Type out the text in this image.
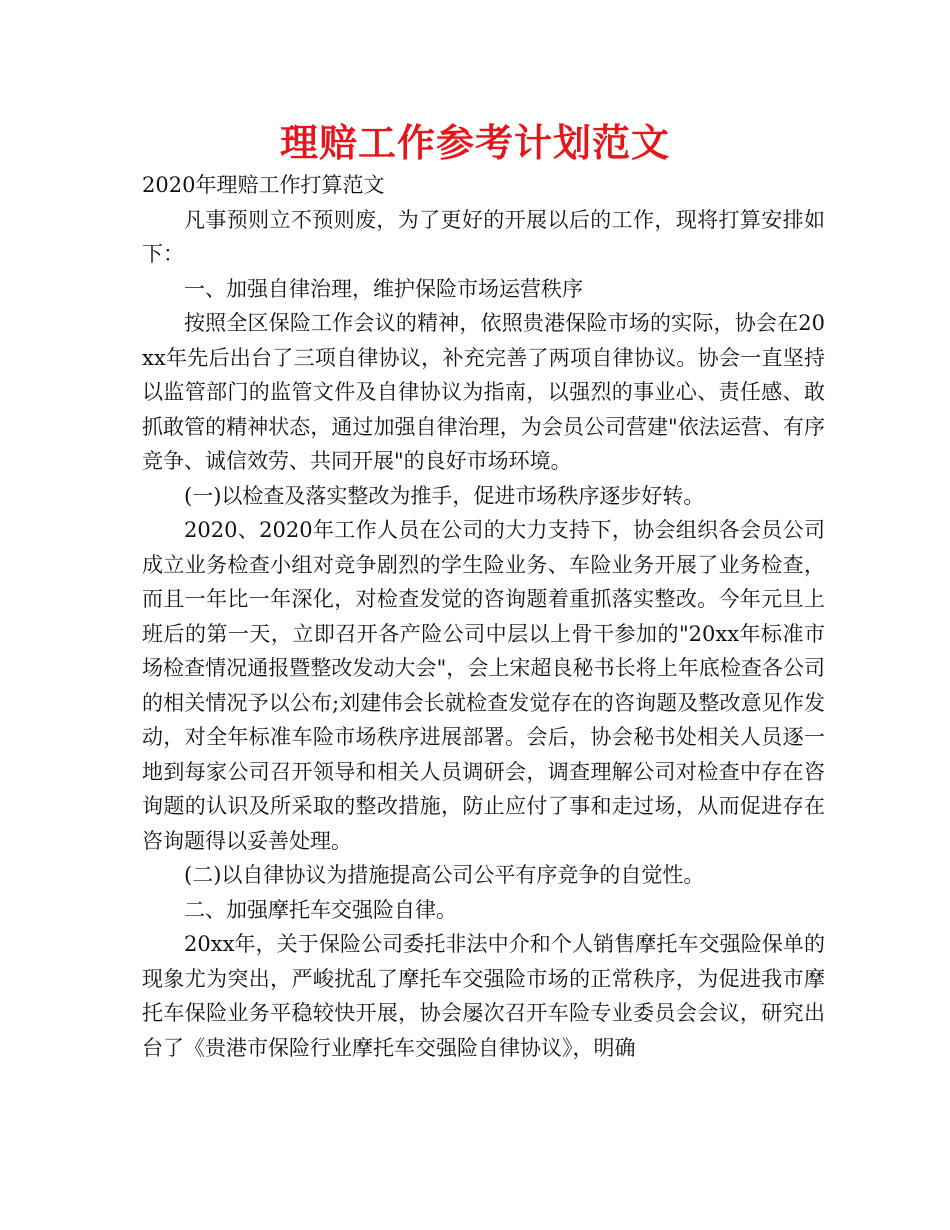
理赔工作参考计划范文

2020年理赔工作打算范文

凡事预则立不预则废，为了更好的开展以后的工作，现将打算安排如下：

一、加强自律治理，维护保险市场运营秩序

按照全区保险工作会议的精神，依照贵港保险市场的实际，协会在20xx年先后出台了三项自律协议，补充完善了两项自律协议。协会一直坚持以监管部门的监管文件及自律协议为指南，以强烈的事业心、责任感、敢抓敢管的精神状态，通过加强自律治理，为会员公司营建"依法运营、有序竞争、诚信效劳、共同开展"的良好市场环境。

(一)以检查及落实整改为推手，促进市场秩序逐步好转。

2020、2020年工作人员在公司的大力支持下，协会组织各会员公司成立业务检查小组对竞争剧烈的学生险业务、车险业务开展了业务检查，而且一年比一年深化，对检查发觉的咨询题着重抓落实整改。今年元旦上班后的第一天，立即召开各产险公司中层以上骨干参加的"20xx年标准市场检查情况通报暨整改发动大会"，会上宋超良秘书长将上年底检查各公司的相关情况予以公布;刘建伟会长就检查发觉存在的咨询题及整改意见作发动，对全年标准车险市场秩序进展部署。会后，协会秘书处相关人员逐一地到每家公司召开领导和相关人员调研会，调查理解公司对检查中存在咨询题的认识及所采取的整改措施，防止应付了事和走过场，从而促进存在咨询题得以妥善处理。

(二)以自律协议为措施提高公司公平有序竞争的自觉性。

二、加强摩托车交强险自律。

20xx年，关于保险公司委托非法中介和个人销售摩托车交强险保单的现象尤为突出，严峻扰乱了摩托车交强险市场的正常秩序，为促进我市摩托车保险业务平稳较快开展，协会屡次召开车险专业委员会会议，研究出台了《贵港市保险行业摩托车交强险自律协议》，明确
